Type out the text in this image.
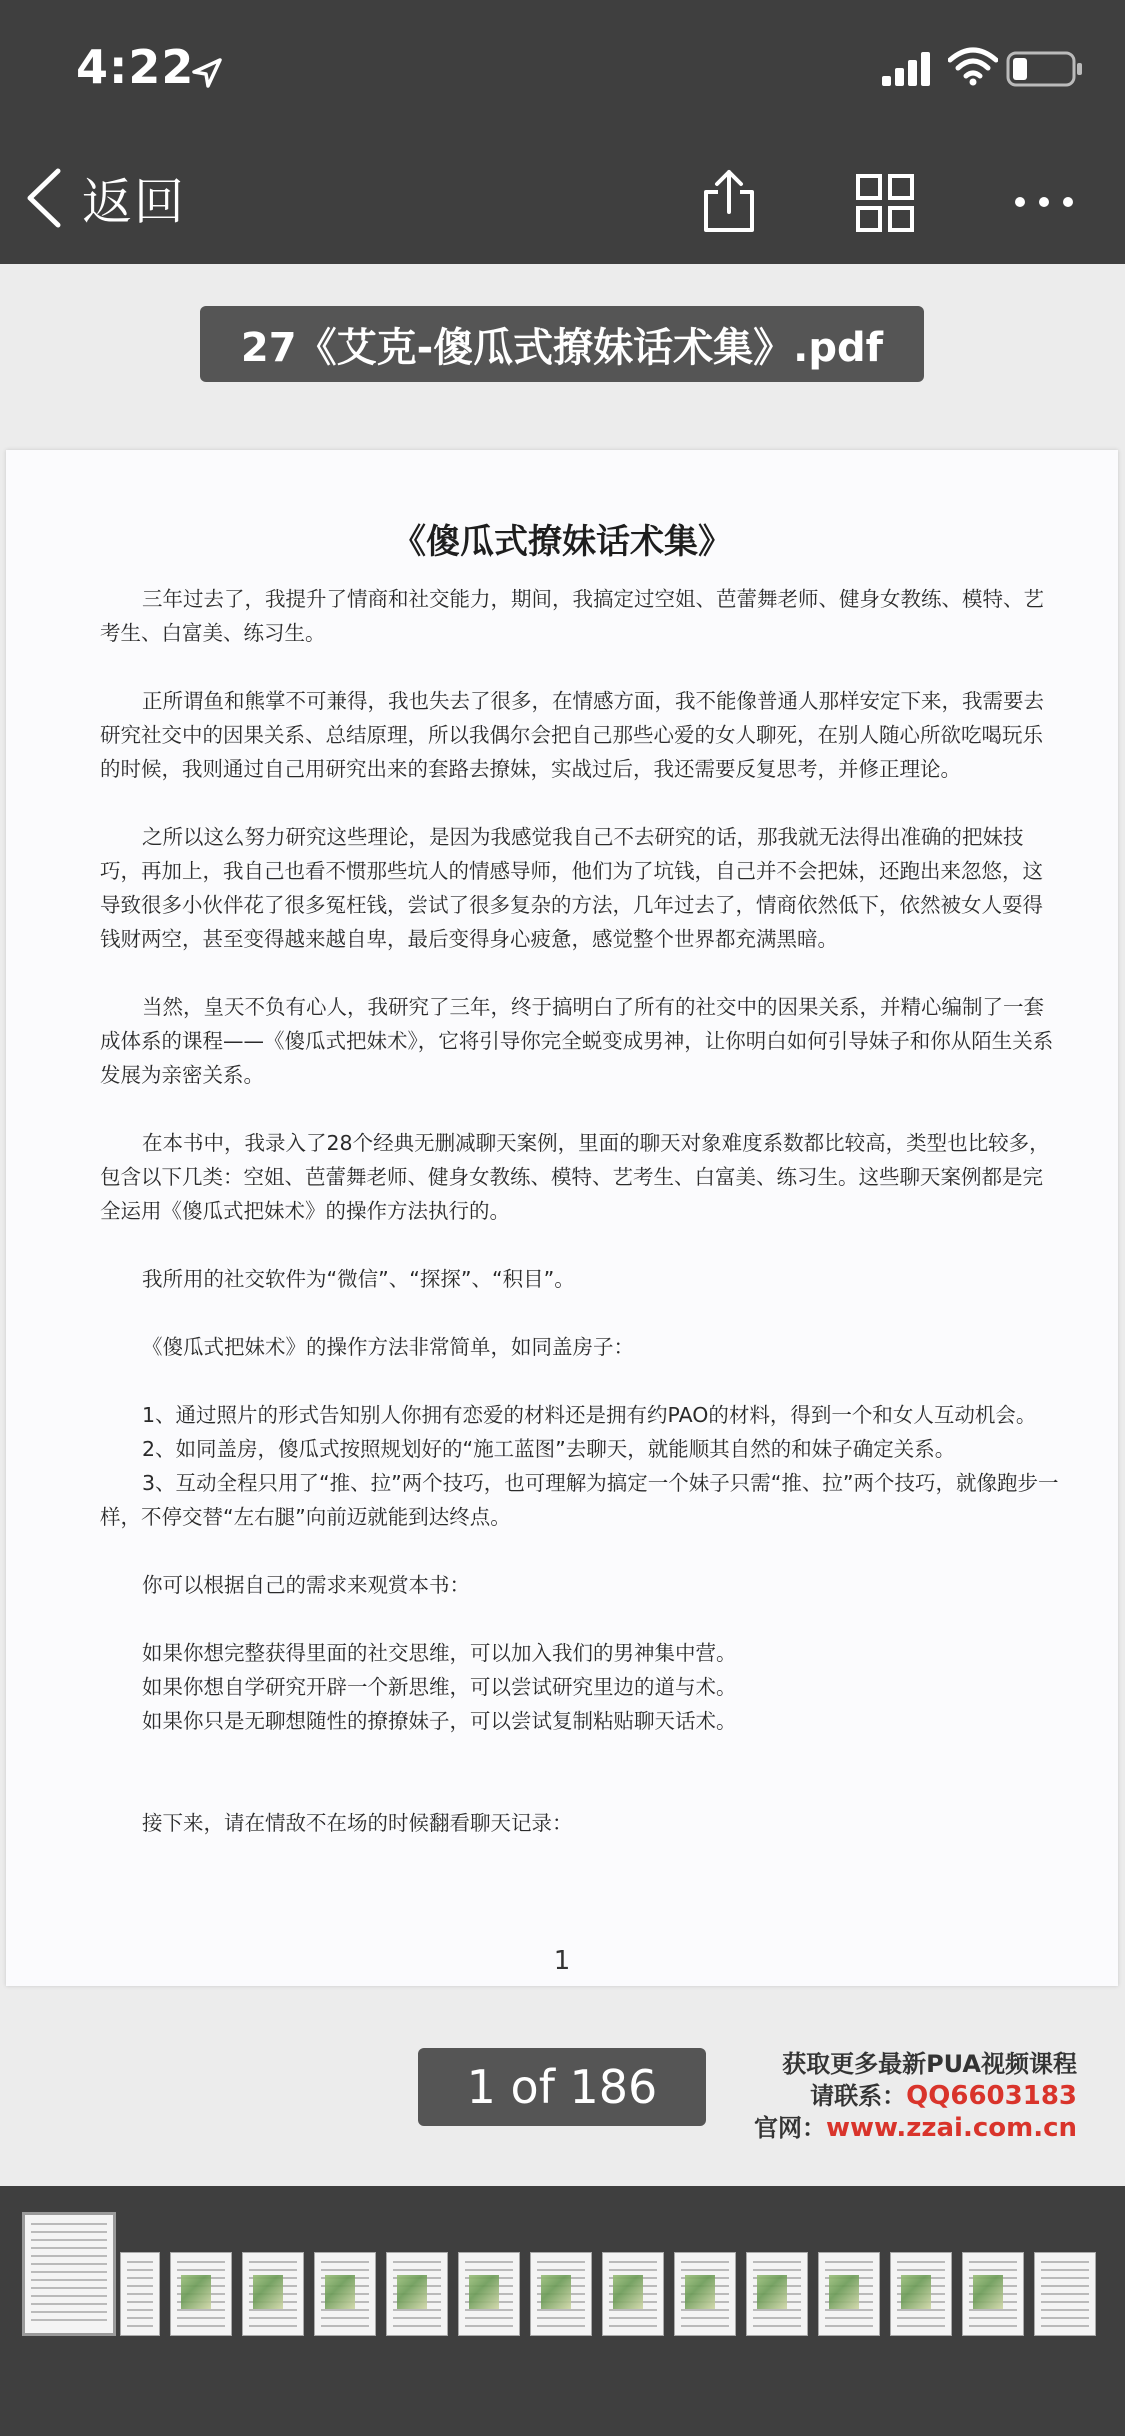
4:22
返回
27《艾克-傻瓜式撩妹话术集》.pdf
《傻瓜式撩妹话术集》

三年过去了，我提升了情商和社交能力，期间，我搞定过空姐、芭蕾舞老师、健身女教练、模特、艺考生、白富美、练习生。

正所谓鱼和熊掌不可兼得，我也失去了很多，在情感方面，我不能像普通人那样安定下来，我需要去研究社交中的因果关系、总结原理，所以我偶尔会把自己那些心爱的女人聊死，在别人随心所欲吃喝玩乐的时候，我则通过自己用研究出来的套路去撩妹，实战过后，我还需要反复思考，并修正理论。

之所以这么努力研究这些理论，是因为我感觉我自己不去研究的话，那我就无法得出准确的把妹技巧，再加上，我自己也看不惯那些坑人的情感导师，他们为了坑钱，自己并不会把妹，还跑出来忽悠，这导致很多小伙伴花了很多冤枉钱，尝试了很多复杂的方法，几年过去了，情商依然低下，依然被女人耍得钱财两空，甚至变得越来越自卑，最后变得身心疲惫，感觉整个世界都充满黑暗。

当然，皇天不负有心人，我研究了三年，终于搞明白了所有的社交中的因果关系，并精心编制了一套成体系的课程——《傻瓜式把妹术》，它将引导你完全蜕变成男神，让你明白如何引导妹子和你从陌生关系发展为亲密关系。

在本书中，我录入了28个经典无删减聊天案例，里面的聊天对象难度系数都比较高，类型也比较多，包含以下几类：空姐、芭蕾舞老师、健身女教练、模特、艺考生、白富美、练习生。这些聊天案例都是完全运用《傻瓜式把妹术》的操作方法执行的。

我所用的社交软件为“微信”、“探探”、“积目”。

《傻瓜式把妹术》的操作方法非常简单，如同盖房子：

1、通过照片的形式告知别人你拥有恋爱的材料还是拥有约PAO的材料，得到一个和女人互动机会。

2、如同盖房，傻瓜式按照规划好的“施工蓝图”去聊天，就能顺其自然的和妹子确定关系。

3、互动全程只用了“推、拉”两个技巧，也可理解为搞定一个妹子只需“推、拉”两个技巧，就像跑步一样，不停交替“左右腿”向前迈就能到达终点。

你可以根据自己的需求来观赏本书：

如果你想完整获得里面的社交思维，可以加入我们的男神集中营。

如果你想自学研究开辟一个新思维，可以尝试研究里边的道与术。

如果你只是无聊想随性的撩撩妹子，可以尝试复制粘贴聊天话术。

接下来，请在情敌不在场的时候翻看聊天记录：

1
1 of 186	获取更多最新PUA视频课程
请联系：QQ6603183
官网：www.zzai.com.cn
